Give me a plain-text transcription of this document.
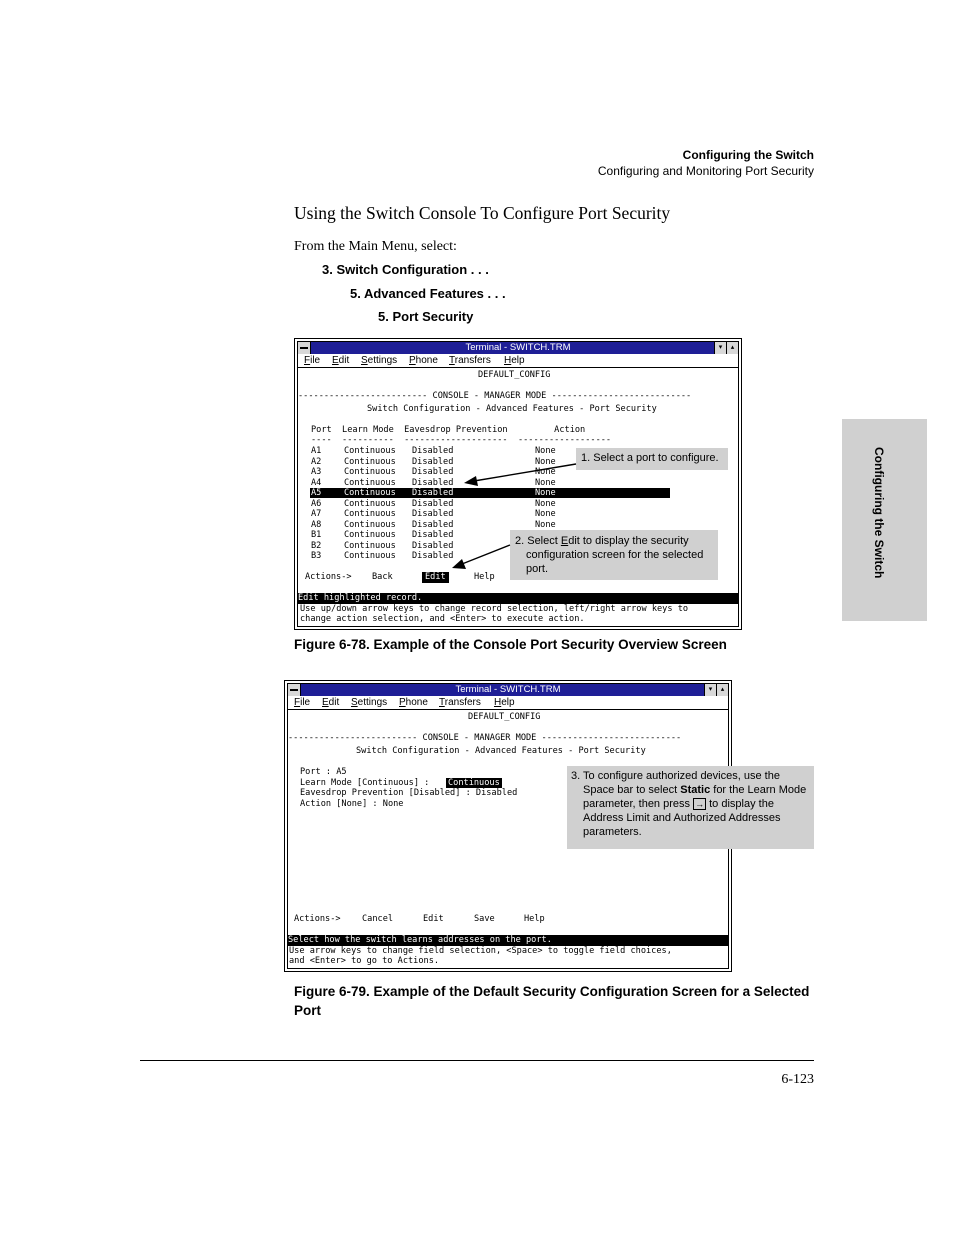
Configuring the Switch
Configuring and Monitoring Port Security
Configuring the Switch
Using the Switch Console To Configure Port Security
From the Main Menu, select:
3. Switch Configuration . . .
5. Advanced Features . . .
5. Port Security
Terminal - SWITCH.TRM	▾	▴
File Edit Settings Phone Transfers Help
DEFAULT_CONFIG
------------------------- CONSOLE - MANAGER MODE ---------------------------
Switch Configuration - Advanced Features - Port Security
Port  Learn Mode  Eavesdrop Prevention         Action
----  ----------  --------------------  ------------------
A1	Continuous Disabled	None
A2	Continuous Disabled	None
A3	Continuous Disabled	None
A4	Continuous Disabled	None
A5	Continuous Disabled	None
A6	Continuous Disabled	None
A7	Continuous Disabled	None
A8	Continuous Disabled	None
B1	Continuous Disabled
B2	Continuous Disabled
B3	Continuous Disabled
Actions-> Back	Edit	Help
Edit highlighted record.
Use up/down arrow keys to change record selection, left/right arrow keys to
change action selection, and <Enter> to execute action.
1. Select a port to configure.
2. Select Edit to display the security
configuration screen for the selected
port.
Figure 6-78. Example of the Console Port Security Overview Screen
Terminal - SWITCH.TRM	▾	▴
File Edit Settings Phone Transfers Help
DEFAULT_CONFIG
------------------------- CONSOLE - MANAGER MODE ---------------------------
Switch Configuration - Advanced Features - Port Security
Port : A5
Learn Mode [Continuous] : Continuous
Eavesdrop Prevention [Disabled] : Disabled
Action [None] : None
Actions-> Cancel	Edit	Save	Help
Select how the switch learns addresses on the port.
Use arrow keys to change field selection, <Space> to toggle field choices,
and <Enter> to go to Actions.
3. To configure authorized devices, use the
Space bar to select Static for the Learn Mode
parameter, then press → to display the
Address Limit and Authorized Addresses
parameters.
Figure 6-79. Example of the Default Security Configuration Screen for a Selected
Port
6-123
